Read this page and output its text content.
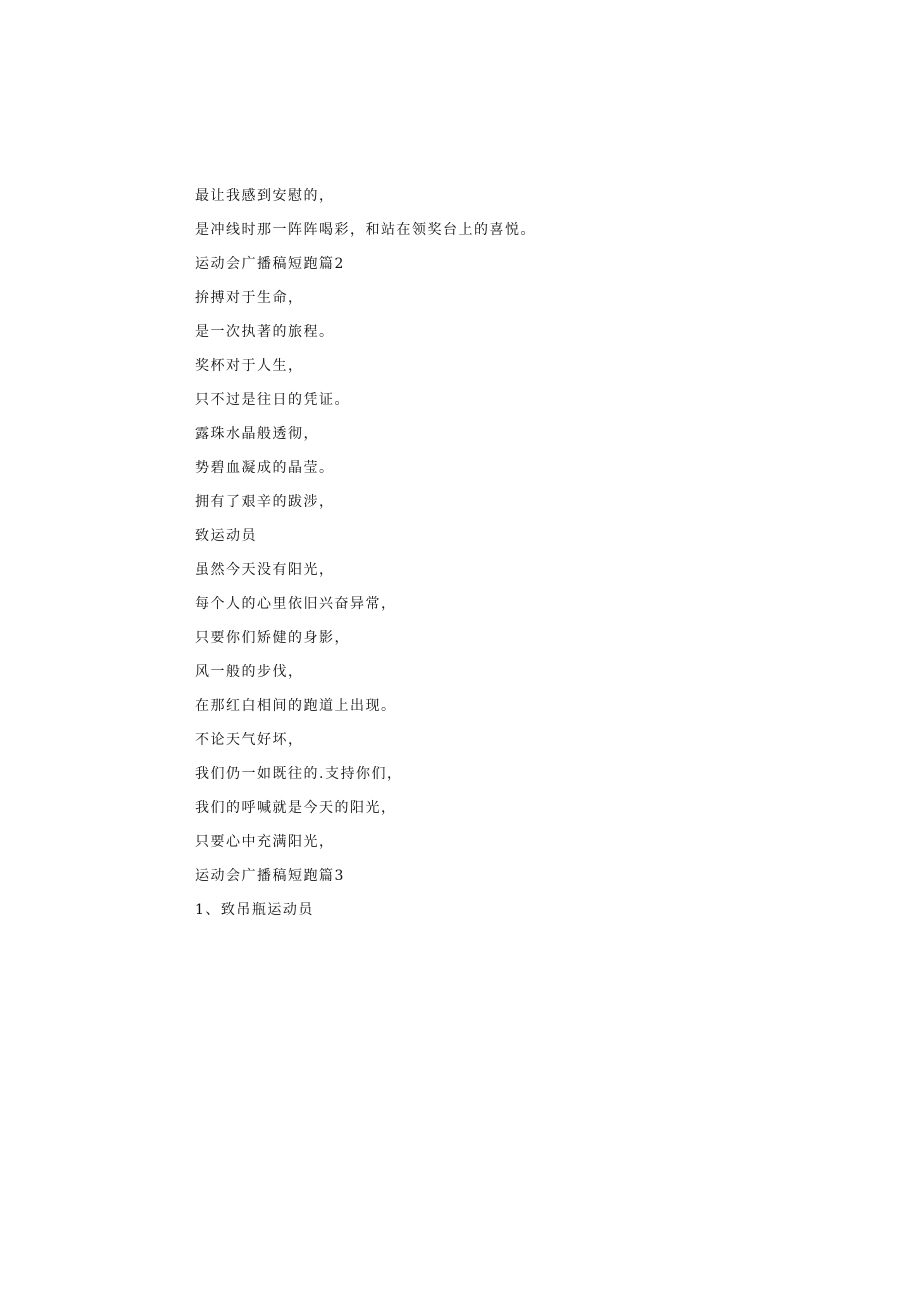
最让我感到安慰的，

是冲线时那一阵阵喝彩，和站在领奖台上的喜悦。

运动会广播稿短跑篇2

拚搏对于生命，

是一次执著的旅程。

奖杯对于人生，

只不过是往日的凭证。

露珠水晶般透彻，

势碧血凝成的晶莹。

拥有了艰辛的跋涉，

致运动员

虽然今天没有阳光，

每个人的心里依旧兴奋异常，

只要你们矫健的身影，

风一般的步伐，

在那红白相间的跑道上出现。

不论天气好坏，

我们仍一如既往的.支持你们，

我们的呼喊就是今天的阳光，

只要心中充满阳光，

运动会广播稿短跑篇3

1、致吊瓶运动员
